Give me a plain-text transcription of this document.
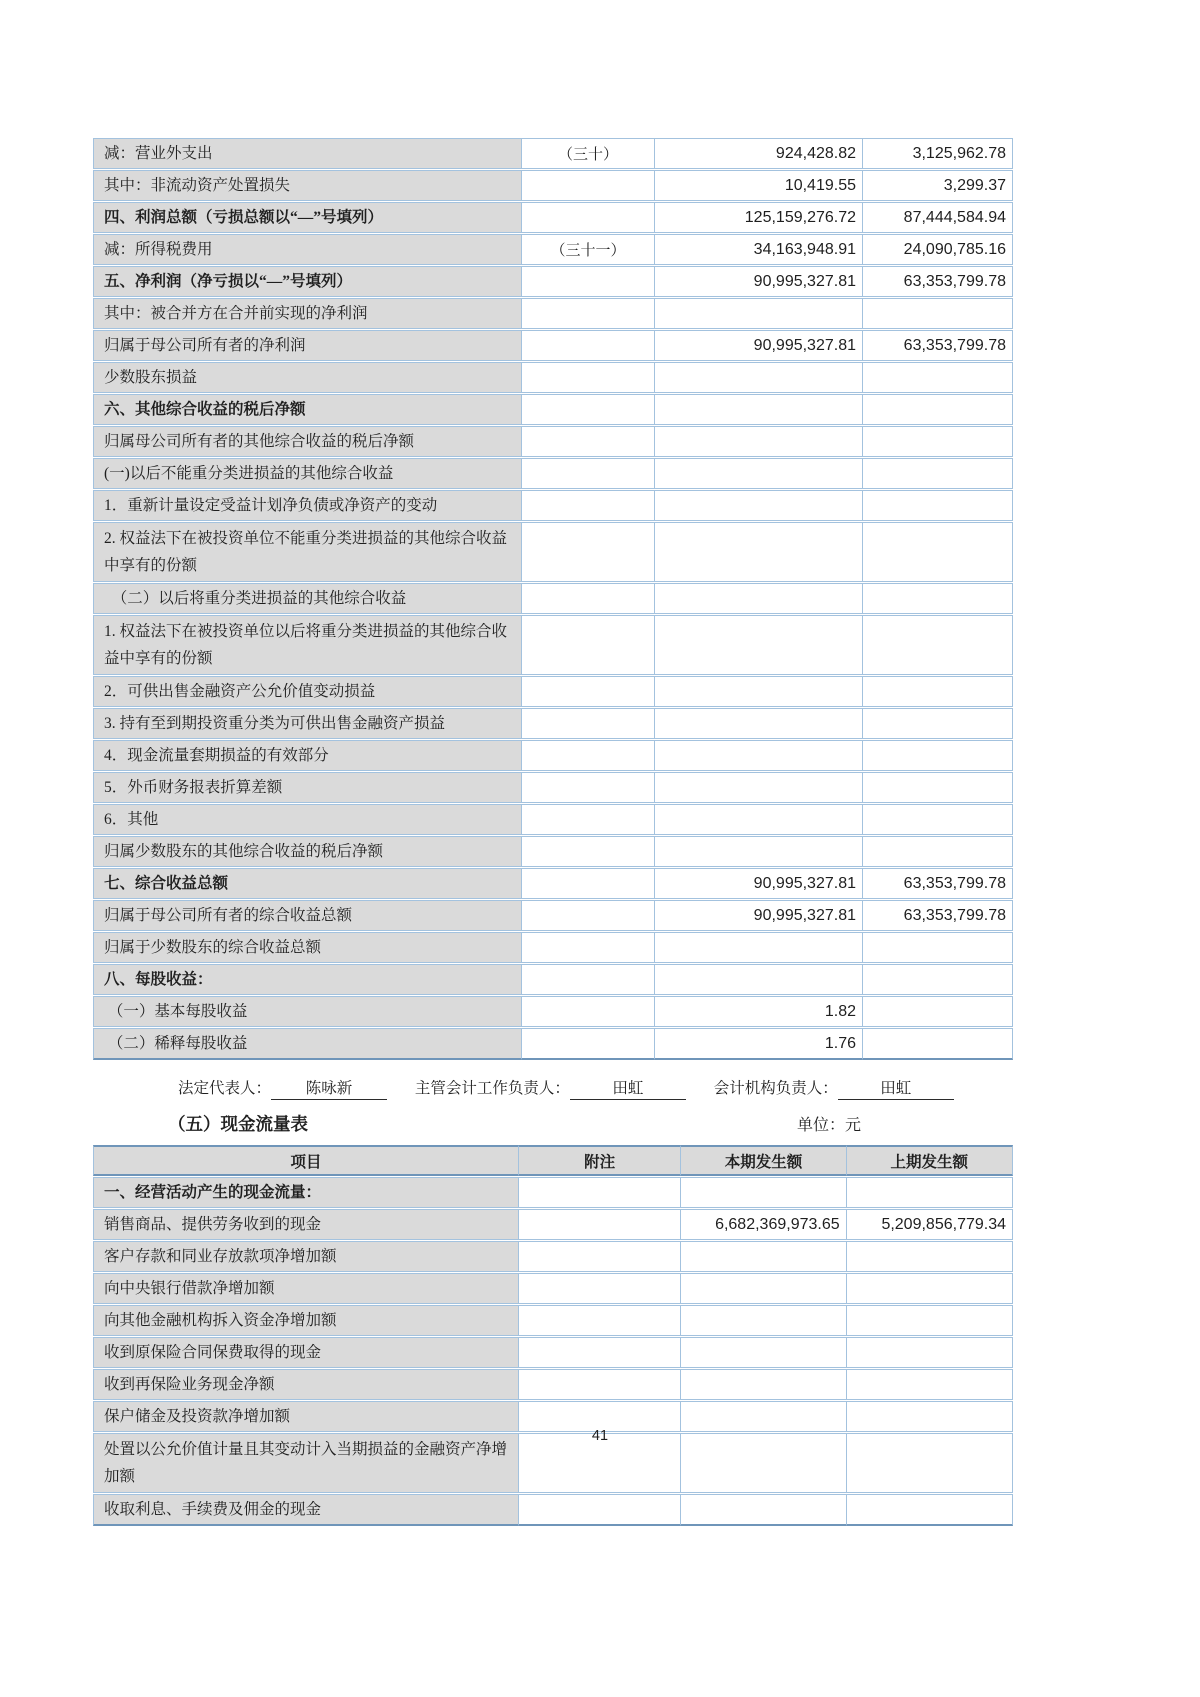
减：营业外支出	（三十）	924,428.82	3,125,962.78
其中：非流动资产处置损失		10,419.55	3,299.37
四、利润总额（亏损总额以“—”号填列）		125,159,276.72	87,444,584.94
减：所得税费用	（三十一）	34,163,948.91	24,090,785.16
五、净利润（净亏损以“—”号填列）		90,995,327.81	63,353,799.78
其中：被合并方在合并前实现的净利润			
归属于母公司所有者的净利润		90,995,327.81	63,353,799.78
少数股东损益			
六、其他综合收益的税后净额			
归属母公司所有者的其他综合收益的税后净额			
(一)以后不能重分类进损益的其他综合收益			
1．重新计量设定受益计划净负债或净资产的变动			
2. 权益法下在被投资单位不能重分类进损益的其他综合收益中享有的份额			
　（二）以后将重分类进损益的其他综合收益			
1. 权益法下在被投资单位以后将重分类进损益的其他综合收益中享有的份额			
2．可供出售金融资产公允价值变动损益			
3. 持有至到期投资重分类为可供出售金融资产损益			
4．现金流量套期损益的有效部分			
5．外币财务报表折算差额			
6．其他			
归属少数股东的其他综合收益的税后净额			
七、综合收益总额		90,995,327.81	63,353,799.78
归属于母公司所有者的综合收益总额		90,995,327.81	63,353,799.78
归属于少数股东的综合收益总额			
八、每股收益：			
（一）基本每股收益		1.82	
（二）稀释每股收益		1.76	
法定代表人： 陈咏新	主管会计工作负责人：	田虹	会计机构负责人：	田虹
（五）现金流量表	单位：元
项目	附注	本期发生额	上期发生额
一、经营活动产生的现金流量：			
销售商品、提供劳务收到的现金		6,682,369,973.65	5,209,856,779.34
客户存款和同业存放款项净增加额			
向中央银行借款净增加额			
向其他金融机构拆入资金净增加额			
收到原保险合同保费取得的现金			
收到再保险业务现金净额			
保户储金及投资款净增加额			
处置以公允价值计量且其变动计入当期损益的金融资产净增加额			
收取利息、手续费及佣金的现金			
41
